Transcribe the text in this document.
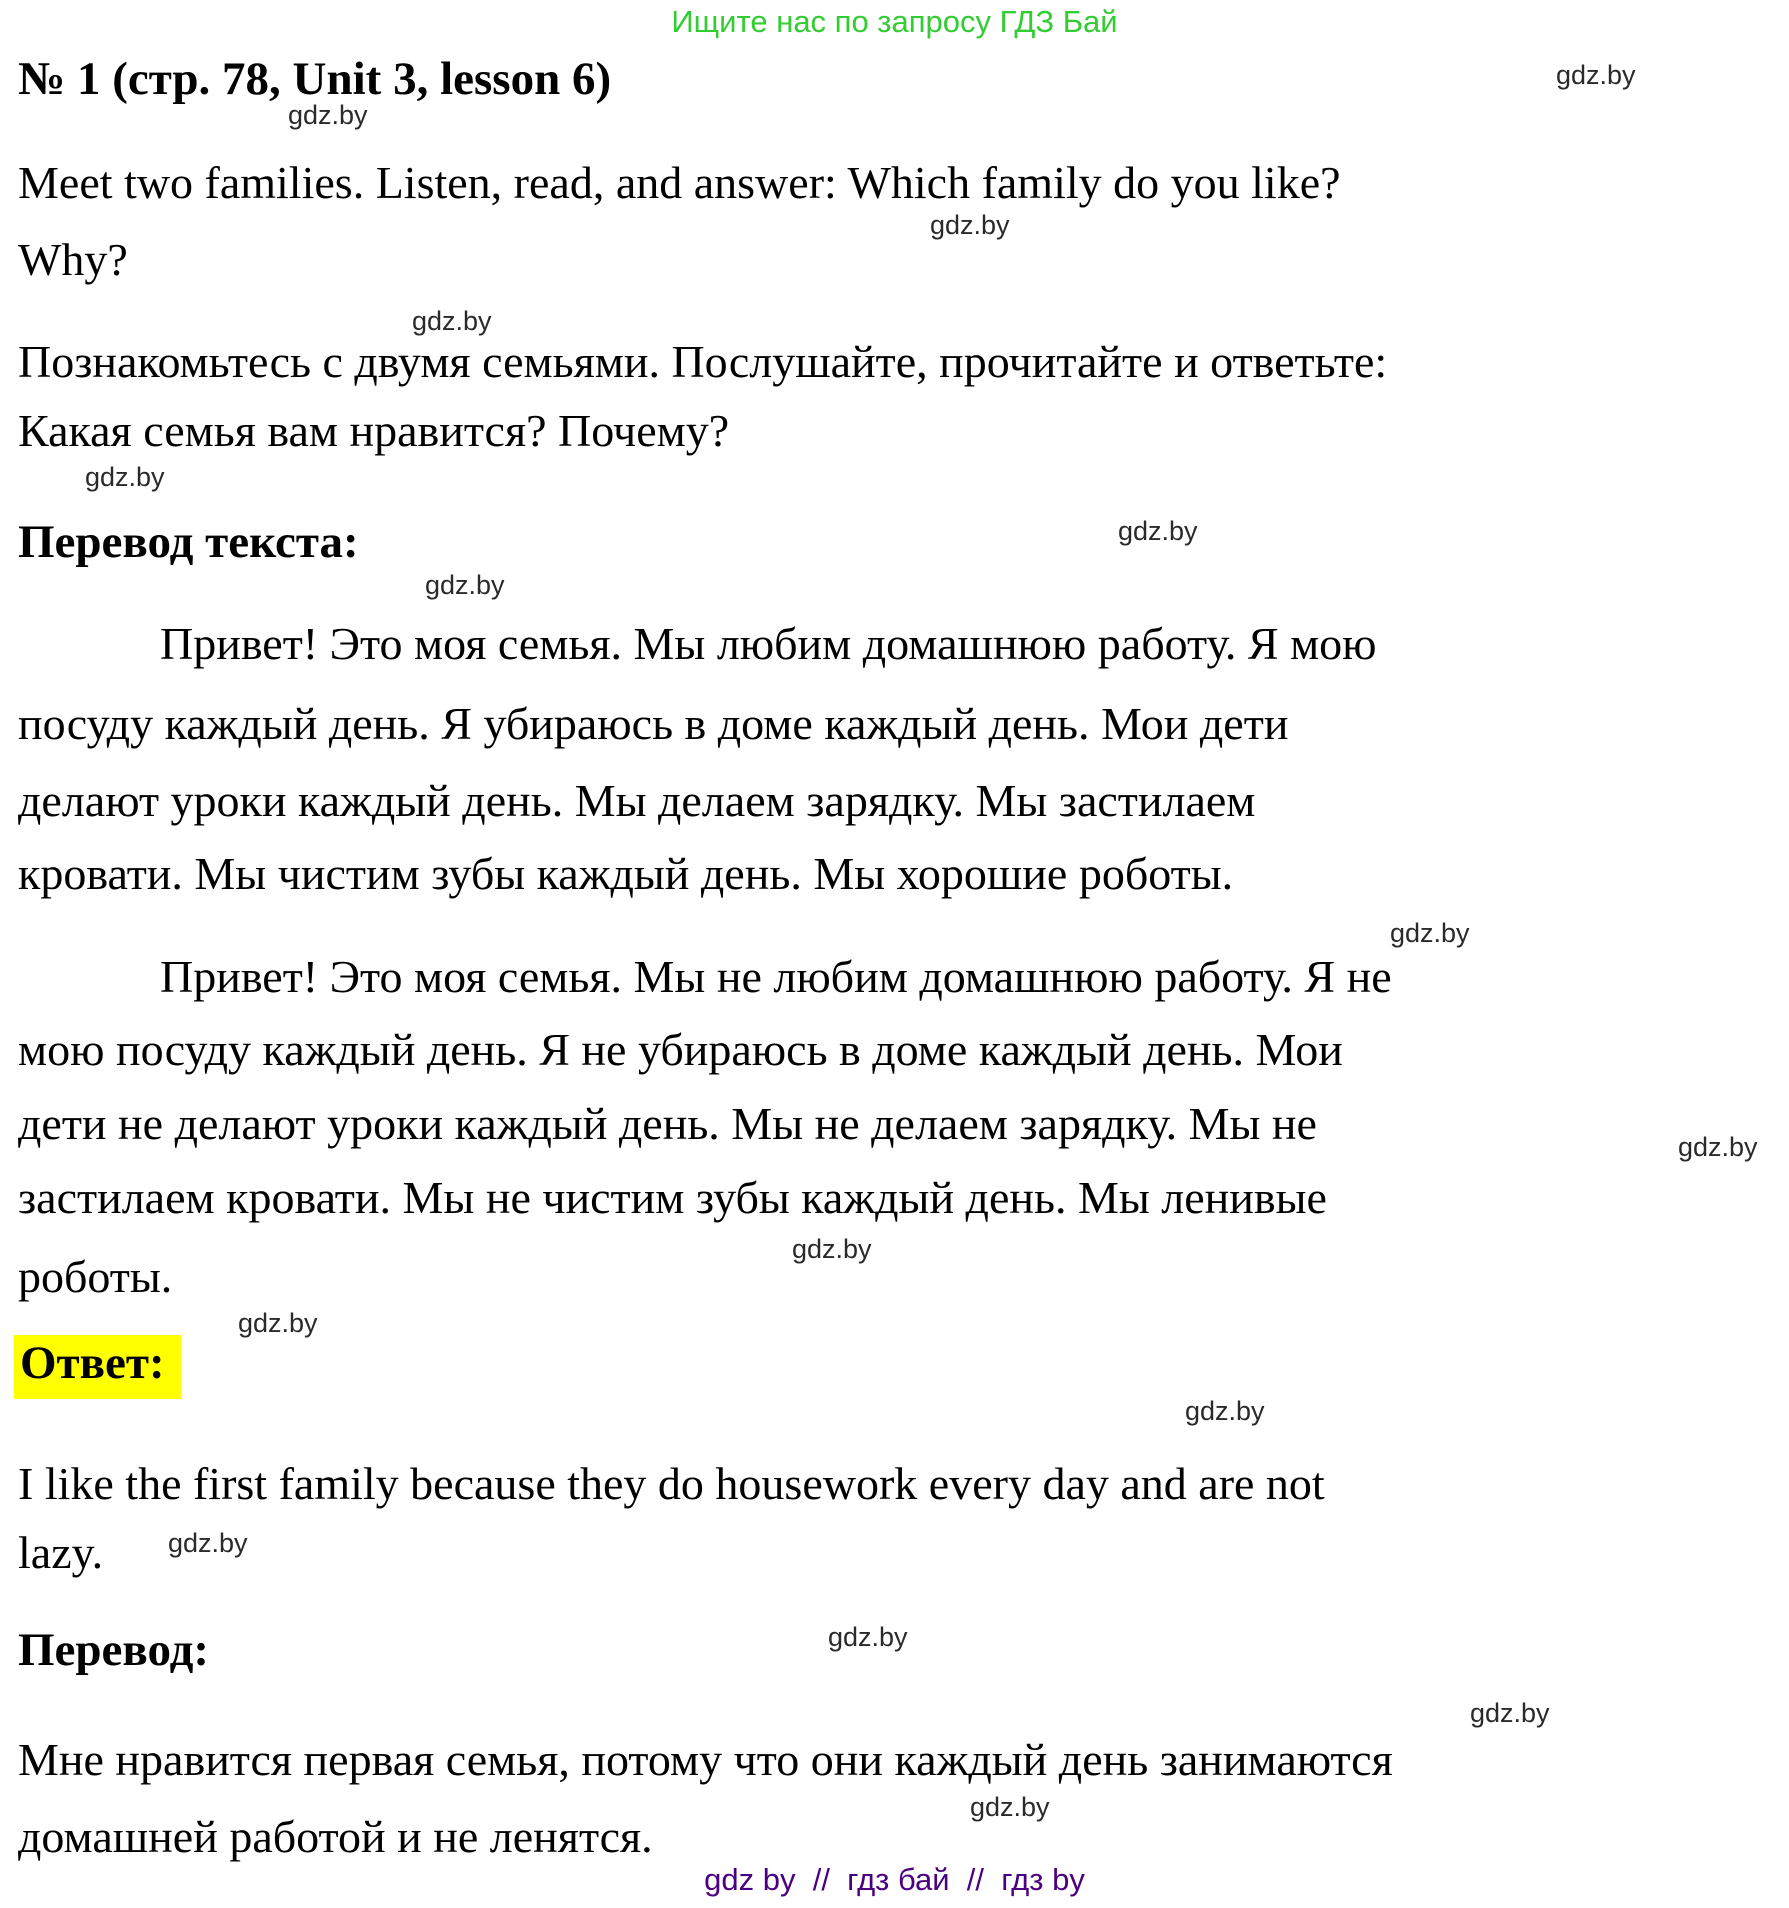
Ищите нас по запросу ГДЗ Бай
№ 1 (стр. 78, Unit 3, lesson 6)
Meet two families. Listen, read, and answer: Which family do you like?
Why?
Познакомьтесь с двумя семьями. Послушайте, прочитайте и ответьте:
Какая семья вам нравится? Почему?
Перевод текста:
Привет! Это моя семья. Мы любим домашнюю работу. Я мою
посуду каждый день. Я убираюсь в доме каждый день. Мои дети
делают уроки каждый день. Мы делаем зарядку. Мы застилаем
кровати. Мы чистим зубы каждый день. Мы хорошие роботы.
Привет! Это моя семья. Мы не любим домашнюю работу. Я не
мою посуду каждый день. Я не убираюсь в доме каждый день. Мои
дети не делают уроки каждый день. Мы не делаем зарядку. Мы не
застилаем кровати. Мы не чистим зубы каждый день. Мы ленивые
роботы.
Ответ:
I like the first family because they do housework every day and are not
lazy.
Перевод:
Мне нравится первая семья, потому что они каждый день занимаются
домашней работой и не ленятся.
gdz.by
gdz.by
gdz.by
gdz.by
gdz.by
gdz.by
gdz.by
gdz.by
gdz.by
gdz.by
gdz.by
gdz.by
gdz.by
gdz.by
gdz.by
gdz.by
gdz by  //  гдз бай  //  гдз by
